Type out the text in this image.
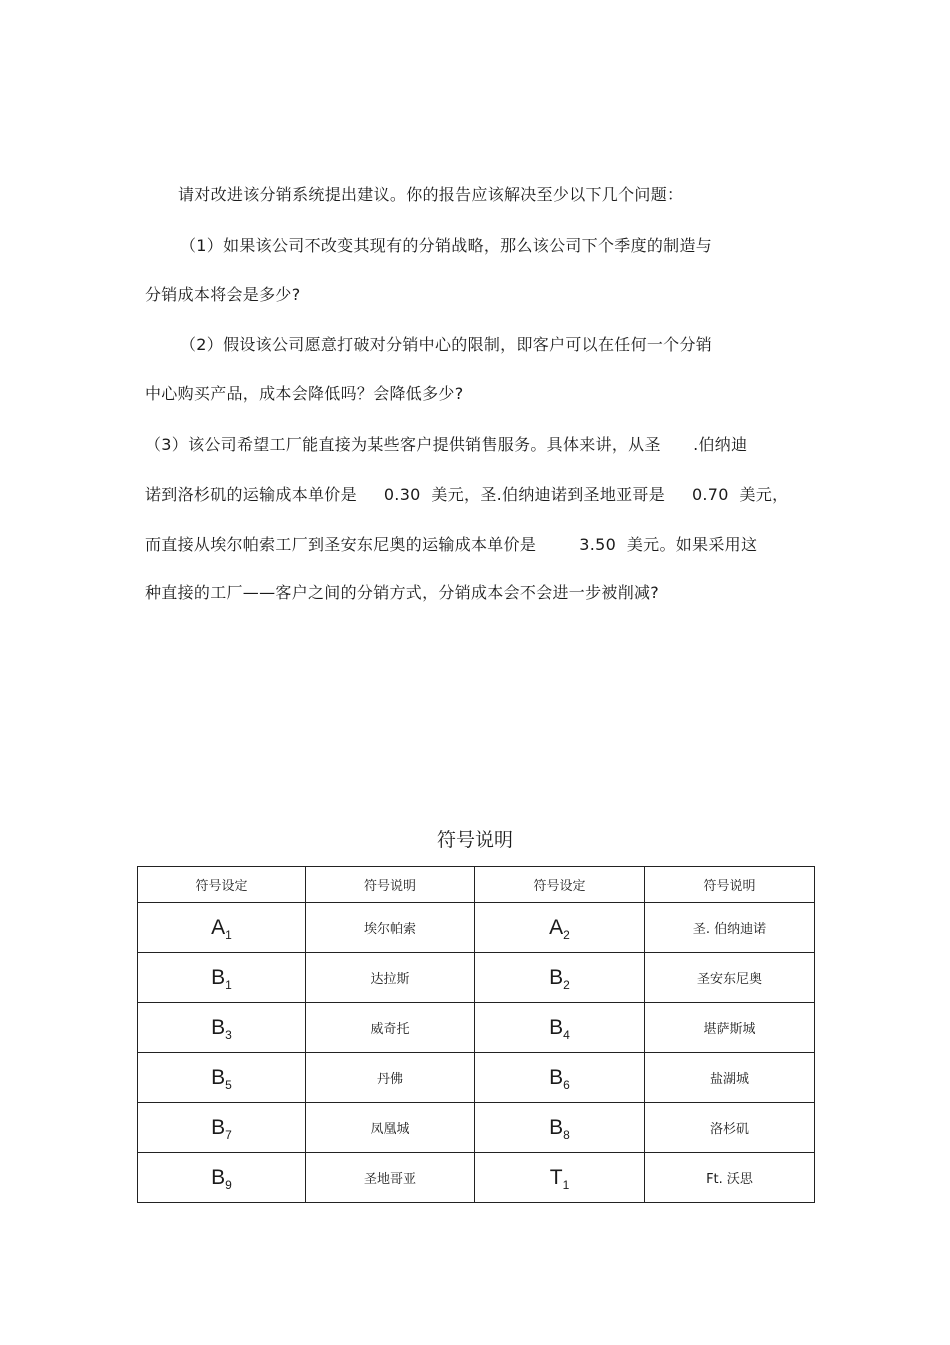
请对改进该分销系统提出建议。你的报告应该解决至少以下几个问题：
（1）如果该公司不改变其现有的分销战略，那么该公司下个季度的制造与
分销成本将会是多少?
（2）假设该公司愿意打破对分销中心的限制，即客户可以在任何一个分销
中心购买产品，成本会降低吗？会降低多少?
（3）该公司希望工厂能直接为某些客户提供销售服务。具体来讲，从圣      .伯纳迪
诺到洛杉矶的运输成本单价是     0.30  美元，圣.伯纳迪诺到圣地亚哥是     0.70  美元，
而直接从埃尔帕索工厂到圣安东尼奥的运输成本单价是        3.50  美元。如果采用这
种直接的工厂——客户之间的分销方式，分销成本会不会进一步被削减?
符号说明
符号设定	符号说明	符号设定	符号说明
$A_1$	埃尔帕索	$A_2$	圣. 伯纳迪诺
$B_1$	达拉斯	$B_2$	圣安东尼奥
$B_3$	威奇托	$B_4$	堪萨斯城
$B_5$	丹佛	$B_6$	盐湖城
$B_7$	凤凰城	$B_8$	洛杉矶
$B_9$	圣地哥亚	$T_1$	Ft. 沃思
